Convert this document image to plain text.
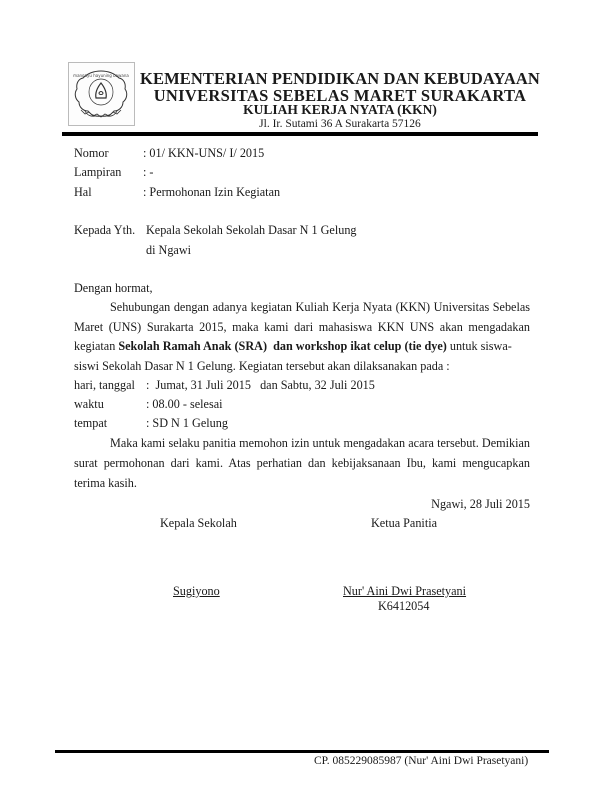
mangayu hayuning bawana KEMENTERIAN PENDIDIKAN DAN KEBUDAYAAN
UNIVERSITAS SEBELAS MARET SURAKARTA
KULIAH KERJA NYATA (KKN)
Jl. Ir. Sutami 36 A Surakarta 57126
Nomor	: 01/ KKN-UNS/ I/ 2015
Lampiran : -
Hal	: Permohonan Izin Kegiatan
Kepada Yth. Kepala Sekolah Sekolah Dasar N 1 Gelung
di Ngawi
Dengan hormat,
Sehubungan dengan adanya kegiatan Kuliah Kerja Nyata (KKN) Universitas Sebelas
Maret (UNS) Surakarta 2015, maka kami dari mahasiswa KKN UNS akan mengadakan
kegiatan Sekolah Ramah Anak (SRA)  dan workshop ikat celup (tie dye) untuk siswa-
siswi Sekolah Dasar N 1 Gelung. Kegiatan tersebut akan dilaksanakan pada :
hari, tanggal :  Jumat, 31 Juli 2015   dan Sabtu, 32 Juli 2015
waktu	: 08.00 - selesai
tempat	: SD N 1 Gelung
Maka kami selaku panitia memohon izin untuk mengadakan acara tersebut. Demikian
surat permohonan dari kami. Atas perhatian dan kebijaksanaan Ibu, kami mengucapkan
terima kasih.
Ngawi, 28 Juli 2015
Kepala Sekolah	Ketua Panitia
Sugiyono	Nur' Aini Dwi Prasetyani
K6412054
CP. 085229085987 (Nur' Aini Dwi Prasetyani)
